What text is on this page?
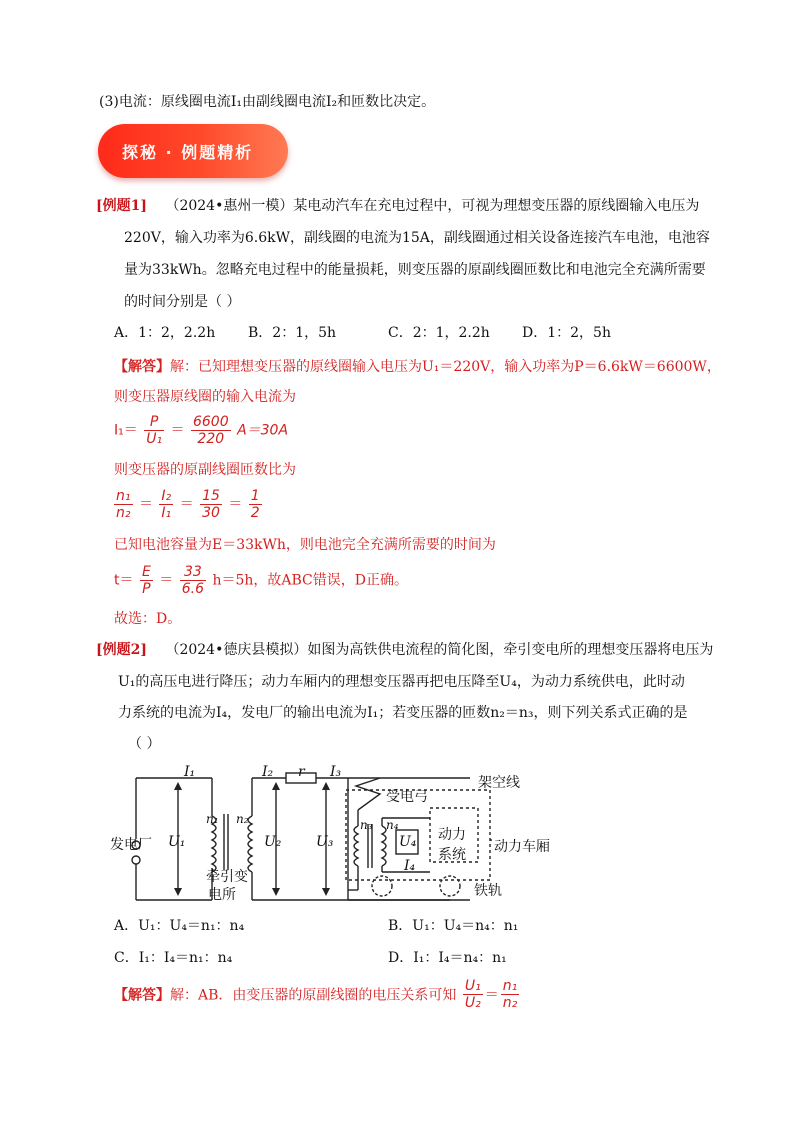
(3)电流：原线圈电流I₁由副线圈电流I₂和匝数比决定。
探秘 · 例题精析
[例题1] （2024•惠州一模）某电动汽车在充电过程中，可视为理想变压器的原线圈输入电压为
220V，输入功率为6.6kW，副线圈的电流为15A，副线圈通过相关设备连接汽车电池，电池容
量为33kWh。忽略充电过程中的能量损耗，则变压器的原副线圈匝数比和电池完全充满所需要
的时间分别是（ ）
A．1：2，2.2h B．2：1，5h	C．2：1，2.2h D．1：2，5h
【解答】解：已知理想变压器的原线圈输入电压为U₁＝220V，输入功率为P＝6.6kW＝6600W，
则变压器原线圈的输入电流为
$I_1= \frac{P}{\text{U₁}} = \frac{6600}{220} A=30A$
则变压器的原副线圈匝数比为
$\frac{\text{n₁}}{\text{n₂}} = \frac{\text{I₂}}{\text{I₁}} = \frac{15}{30} = \frac{1}{2}$
已知电池容量为E＝33kWh，则电池完全充满所需要的时间为
$t= \frac{E}{P} = \frac{33}{6.6} h=5h$，故ABC错误，D正确。
故选：D。
[例题2] （2024•德庆县模拟）如图为高铁供电流程的简化图，牵引变电所的理想变压器将电压为
U₁的高压电进行降压；动力车厢内的理想变压器再把电压降至U₄，为动力系统供电，此时动
力系统的电流为I₄，发电厂的输出电流为I₁；若变压器的匝数n₂＝n₃，则下列关系式正确的是
（ ）
I₁	I₂ r I₃
架空线
受电弓
发电厂 U₁
n₁ n₂
U₂ U₃
牵引变
电所
n₃ n₄
U₄
I₄
动力
系统 动力车厢
铁轨
A．U₁：U₄＝n₁：n₄	B．U₁：U₄＝n₄：n₁
C．I₁：I₄＝n₁：n₄	D．I₁：I₄＝n₄：n₁
【解答】解：AB．由变压器的原副线圈的电压关系可知 $\frac{\text{U₁}}{\text{U₂}} = \frac{\text{n₁}}{\text{n₂}}$
